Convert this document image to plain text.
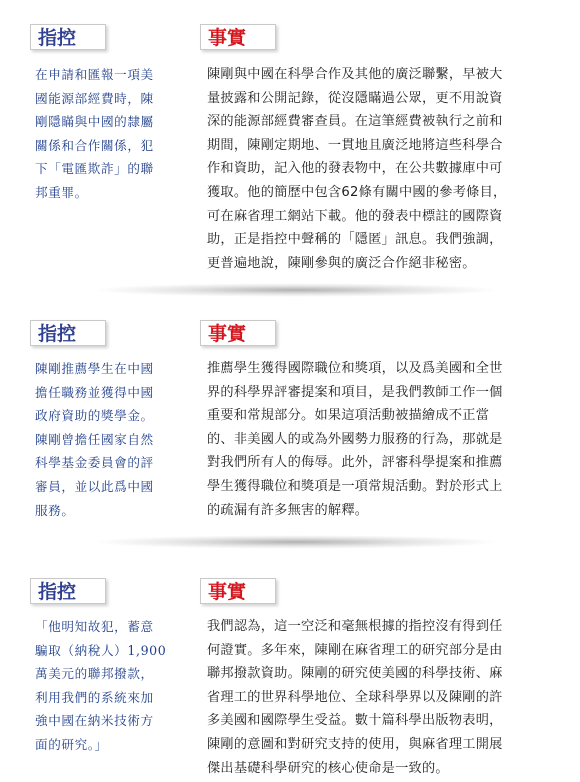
指控	事實
在申請和匯報一項美
國能源部經費時，陳
剛隱瞞與中國的隸屬
關係和合作關係，犯
下「電匯欺詐」的聯
邦重罪。
陳剛與中國在科學合作及其他的廣泛聯繫，早被大
量披露和公開記錄，從沒隱瞞過公眾，更不用說資
深的能源部經費審查員。在這筆經費被執行之前和
期間，陳剛定期地、一貫地且廣泛地將這些科學合
作和資助，記入他的發表物中，在公共數據庫中可
獲取。他的簡歷中包含62條有關中國的參考條目，
可在麻省理工網站下載。他的發表中標註的國際資
助，正是指控中聲稱的「隱匿」訊息。我們強調，
更普遍地說，陳剛參與的廣泛合作絕非秘密。
指控	事實
陳剛推薦學生在中國
擔任職務並獲得中國
政府資助的獎學金。
陳剛曾擔任國家自然
科學基金委員會的評
審員，並以此爲中國
服務。
推薦學生獲得國際職位和獎項，以及爲美國和全世
界的科學界評審提案和項目，是我們教師工作一個
重要和常規部分。如果這項活動被描繪成不正當
的、非美國人的或為外國勢力服務的行為，那就是
對我們所有人的侮辱。此外，評審科學提案和推薦
學生獲得職位和獎項是一項常規活動。對於形式上
的疏漏有許多無害的解釋。
指控	事實
「他明知故犯，蓄意
騙取（納稅人）1,900
萬美元的聯邦撥款，
利用我們的系統來加
強中國在納米技術方
面的研究。」
我們認為，這一空泛和毫無根據的指控沒有得到任
何證實。多年來，陳剛在麻省理工的研究部分是由
聯邦撥款資助。陳剛的研究使美國的科學技術、麻
省理工的世界科學地位、全球科學界以及陳剛的許
多美國和國際學生受益。數十篇科學出版物表明，
陳剛的意圖和對研究支持的使用，與麻省理工開展
傑出基礎科學研究的核心使命是一致的。
